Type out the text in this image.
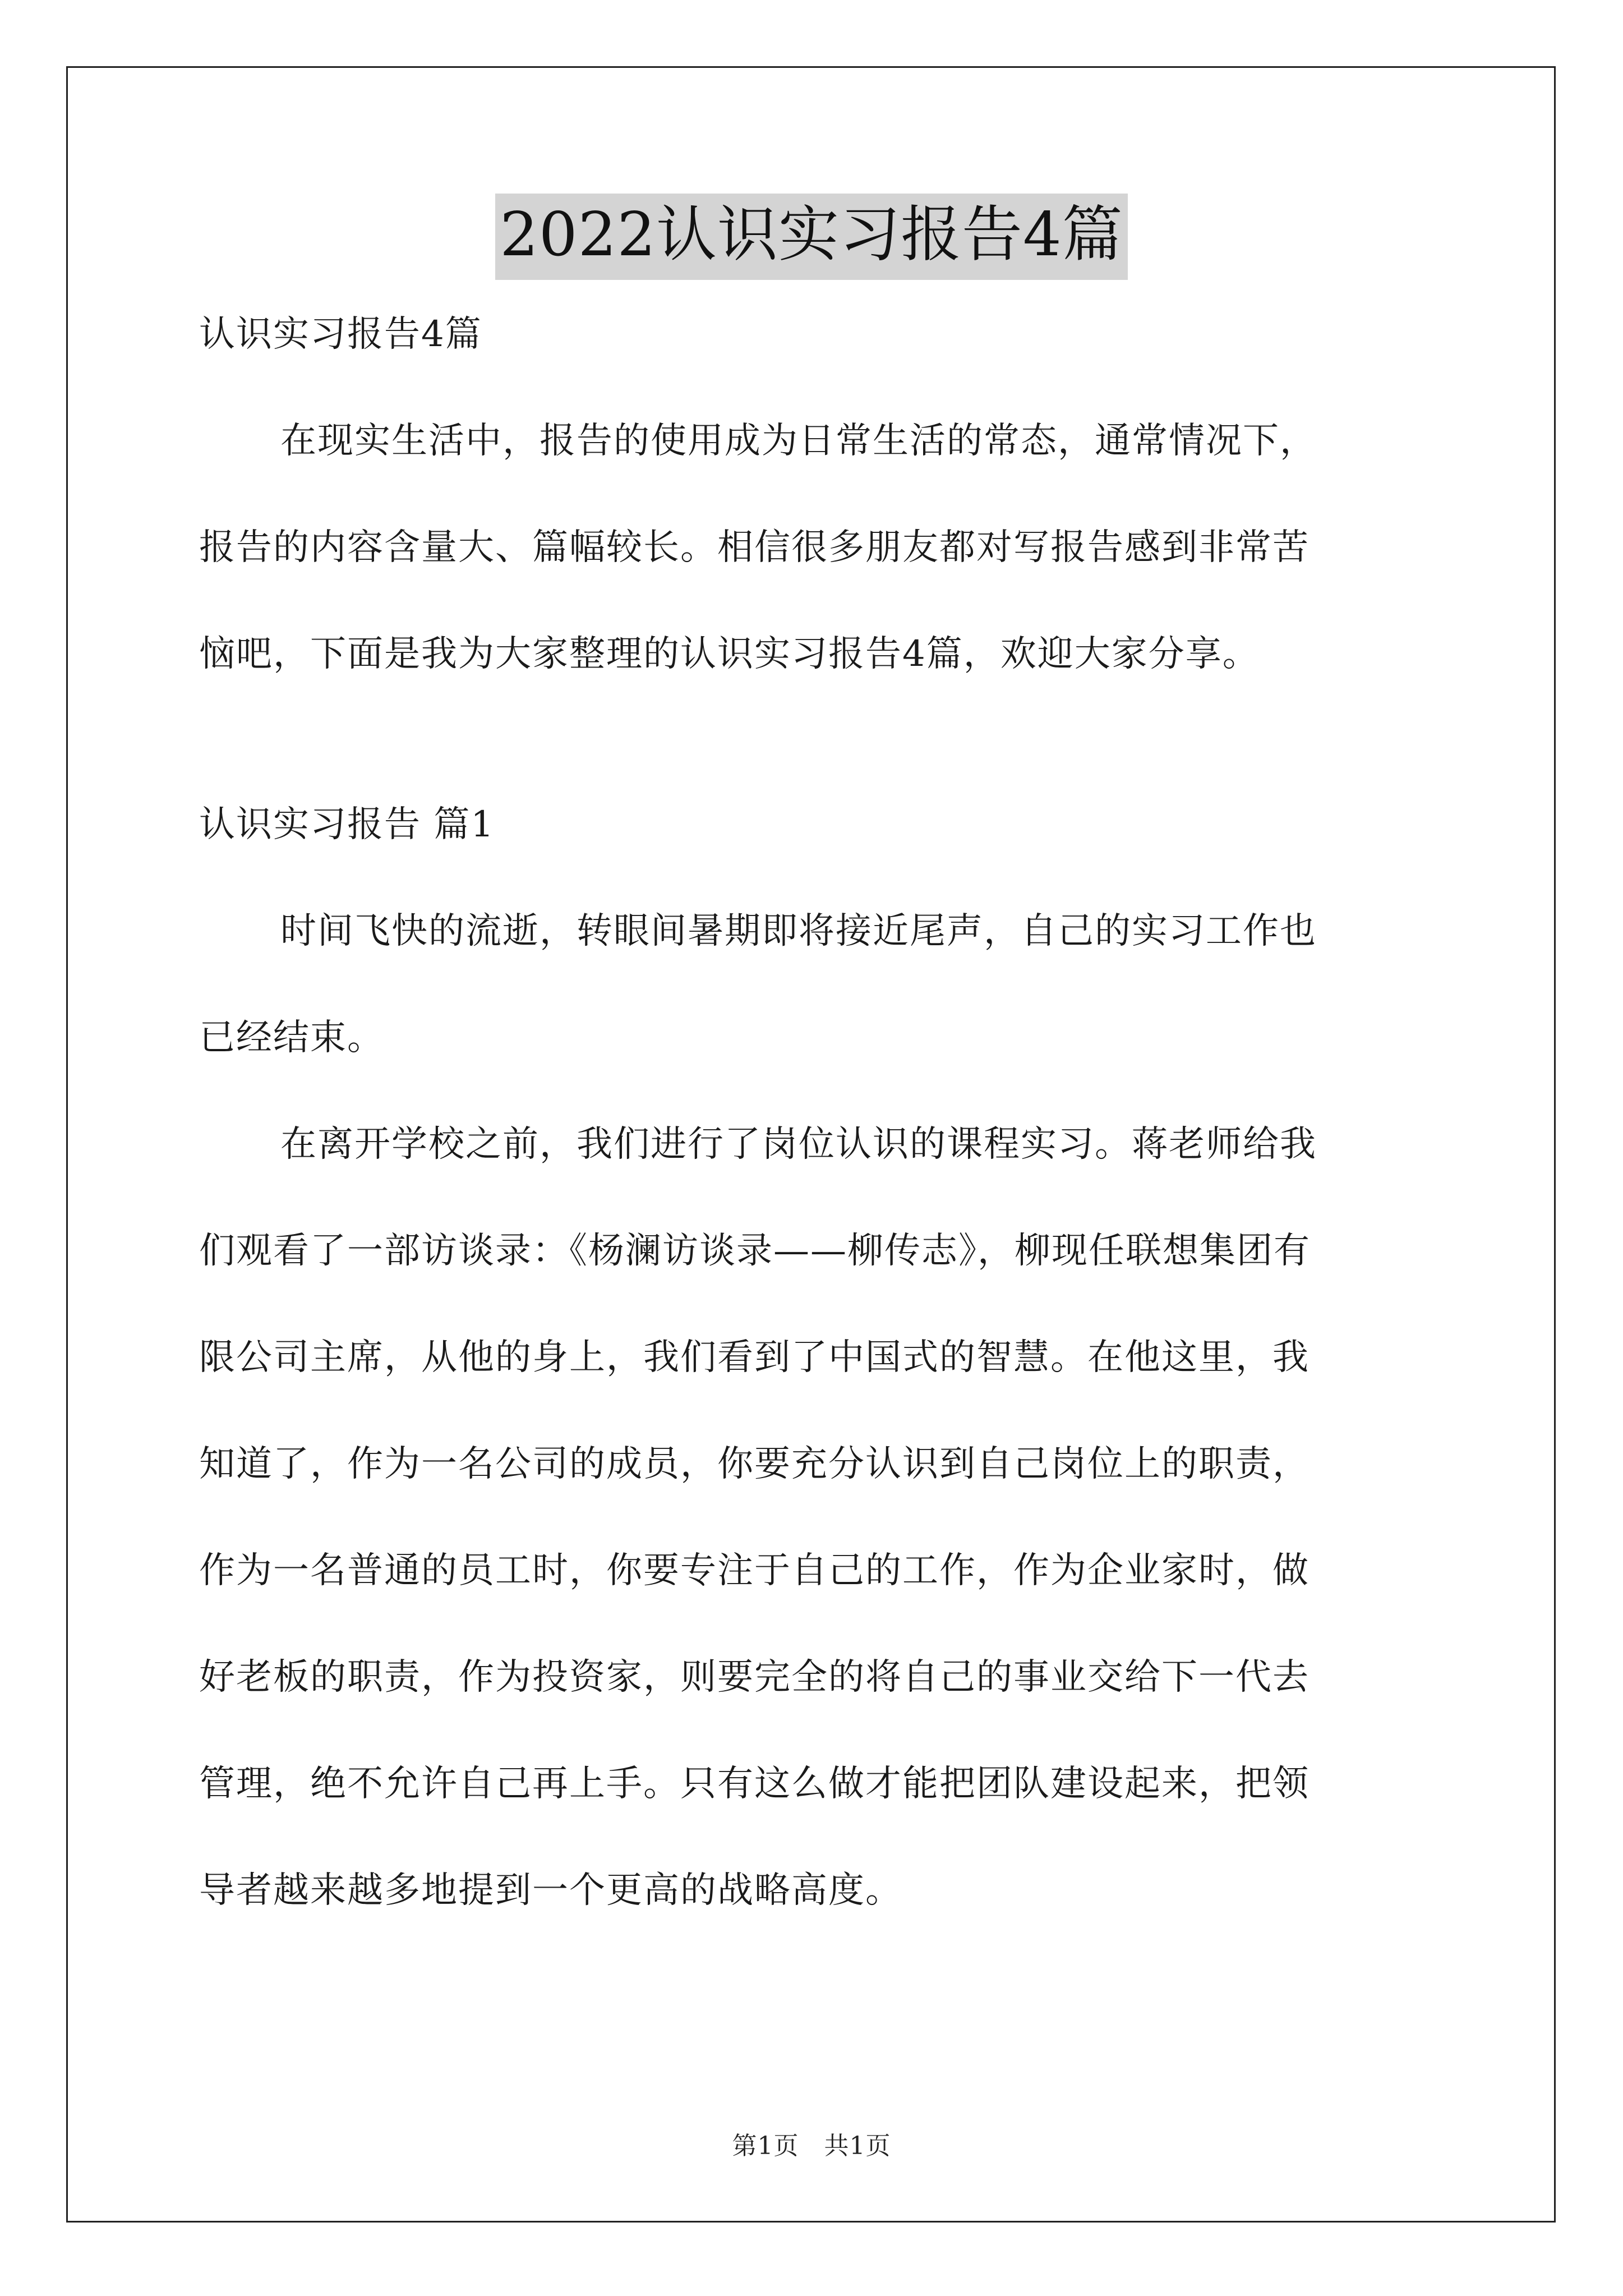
2022认识实习报告4篇
认识实习报告4篇
在现实生活中，报告的使用成为日常生活的常态，通常情况下，
报告的内容含量大、篇幅较长。相信很多朋友都对写报告感到非常苦
恼吧，下面是我为大家整理的认识实习报告4篇，欢迎大家分享。
认识实习报告 篇1
时间飞快的流逝，转眼间暑期即将接近尾声，自己的实习工作也
已经结束。
在离开学校之前，我们进行了岗位认识的课程实习。蒋老师给我
们观看了一部访谈录：《杨澜访谈录——柳传志》，柳现任联想集团有
限公司主席，从他的身上，我们看到了中国式的智慧。在他这里，我
知道了，作为一名公司的成员，你要充分认识到自己岗位上的职责，
作为一名普通的员工时，你要专注于自己的工作，作为企业家时，做
好老板的职责，作为投资家，则要完全的将自己的事业交给下一代去
管理，绝不允许自己再上手。只有这么做才能把团队建设起来，把领
导者越来越多地提到一个更高的战略高度。
第1页　共1页
